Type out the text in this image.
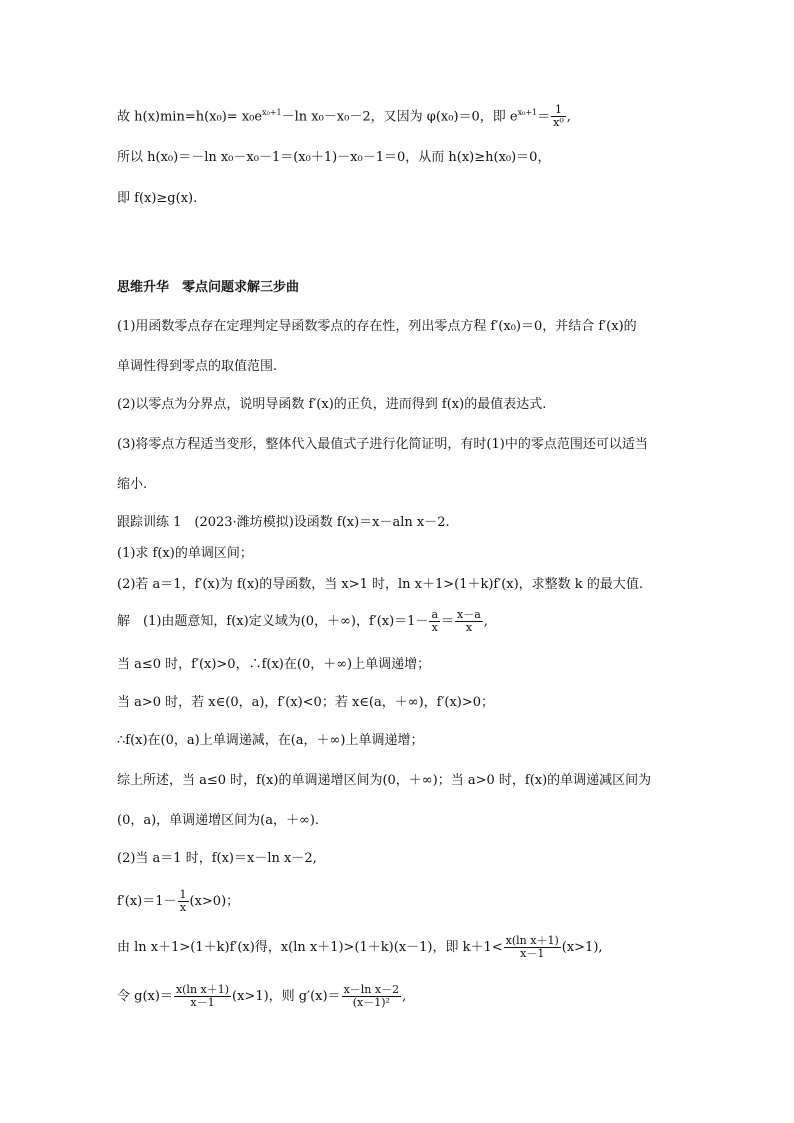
故 $h(x)\min=h(x_0)= x_0e^{x_0+1}-\ln$ x₀－x₀－2，又因为 φ(x₀)＝0，即 $e^{x_0+1}= \frac{1}{\text{x⁰}}$ ,
所以 h(x₀)＝－ln x₀－x₀－1＝(x₀＋1)－x₀－1＝0，从而 h(x)≥h(x₀)＝0，
即 f(x)≥g(x).
思维升华　零点问题求解三步曲
(1)用函数零点存在定理判定导函数零点的存在性，列出零点方程 f′(x₀)＝0，并结合 f′(x)的
单调性得到零点的取值范围.
(2)以零点为分界点，说明导函数 f′(x)的正负，进而得到 f(x)的最值表达式.
(3)将零点方程适当变形，整体代入最值式子进行化简证明，有时(1)中的零点范围还可以适当
缩小.
跟踪训练 1　(2023·潍坊模拟)设函数 f(x)＝x－aln x－2.
(1)求 f(x)的单调区间；
(2)若 a＝1，f′(x)为 f(x)的导函数，当 x>1 时，ln x＋1>(1＋k)f′(x)，求整数 k 的最大值.
解　(1)由题意知，f(x)定义域为(0，＋∞)，$f'(x)=1- \frac{a}{x} = \frac{x-a}{x}$ ,
当 a≤0 时，f′(x)>0，∴f(x)在(0，＋∞)上单调递增；
当 a>0 时，若 x∈(0，a)，f′(x)<0；若 x∈(a，＋∞)，f′(x)>0；
∴f(x)在(0，a)上单调递减，在(a，＋∞)上单调递增；
综上所述，当 a≤0 时，f(x)的单调递增区间为(0，＋∞)；当 a>0 时，f(x)的单调递减区间为
(0，a)，单调递增区间为(a，＋∞).
(2)当 a＝1 时，f(x)＝x－ln x－2,
$f'(x)=1- \frac{1}{x} (x>0)$；
由 ln x＋1>(1＋k)f′(x)得，x(ln x＋1)>(1＋k)(x－1)，即 $k+1< \frac{\text{x(ln x＋1)}}{x-1} (x>1)$,
令 $g(x)= \frac{\text{x(ln x＋1)}}{x-1} (x>1)$，则 $g'(x)= \frac{\text{x－ln x－2}}{\text{(x－1)²}}$ ,
